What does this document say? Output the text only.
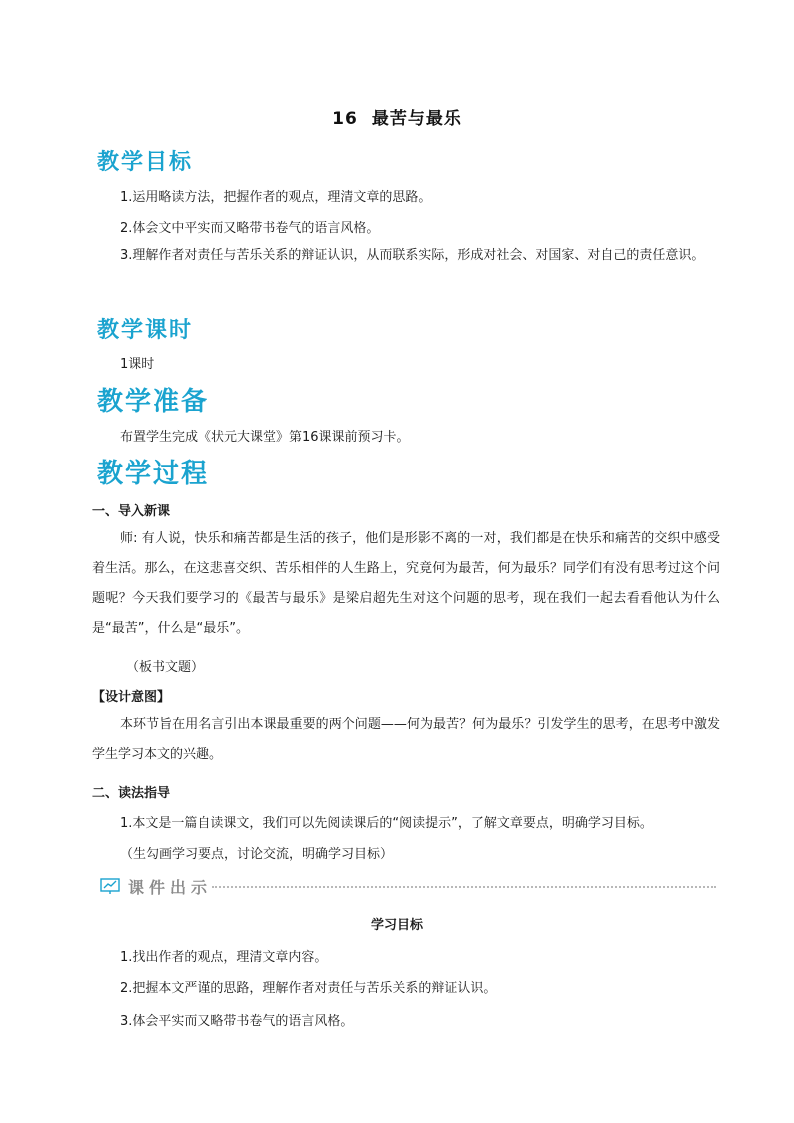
16 最苦与最乐
教学目标
1.运用略读方法，把握作者的观点，理清文章的思路。
2.体会文中平实而又略带书卷气的语言风格。
3.理解作者对责任与苦乐关系的辩证认识，从而联系实际，形成对社会、对国家、对自己的责任意识。
教学课时
1课时
教学准备
布置学生完成《状元大课堂》第16课课前预习卡。
教学过程
一、导入新课
师: 有人说，快乐和痛苦都是生活的孩子，他们是形影不离的一对，我们都是在快乐和痛苦的交织中感受着生活。那么，在这悲喜交织、苦乐相伴的人生路上，究竟何为最苦，何为最乐？同学们有没有思考过这个问题呢？今天我们要学习的《最苦与最乐》是梁启超先生对这个问题的思考，现在我们一起去看看他认为什么是“最苦”，什么是“最乐”。
（板书文题）
【设计意图】
本环节旨在用名言引出本课最重要的两个问题——何为最苦？何为最乐？引发学生的思考，在思考中激发学生学习本文的兴趣。
二、读法指导
1.本文是一篇自读课文，我们可以先阅读课后的“阅读提示”，了解文章要点，明确学习目标。
（生勾画学习要点，讨论交流，明确学习目标）
课件出示
学习目标
1.找出作者的观点，理清文章内容。
2.把握本文严谨的思路，理解作者对责任与苦乐关系的辩证认识。
3.体会平实而又略带书卷气的语言风格。
